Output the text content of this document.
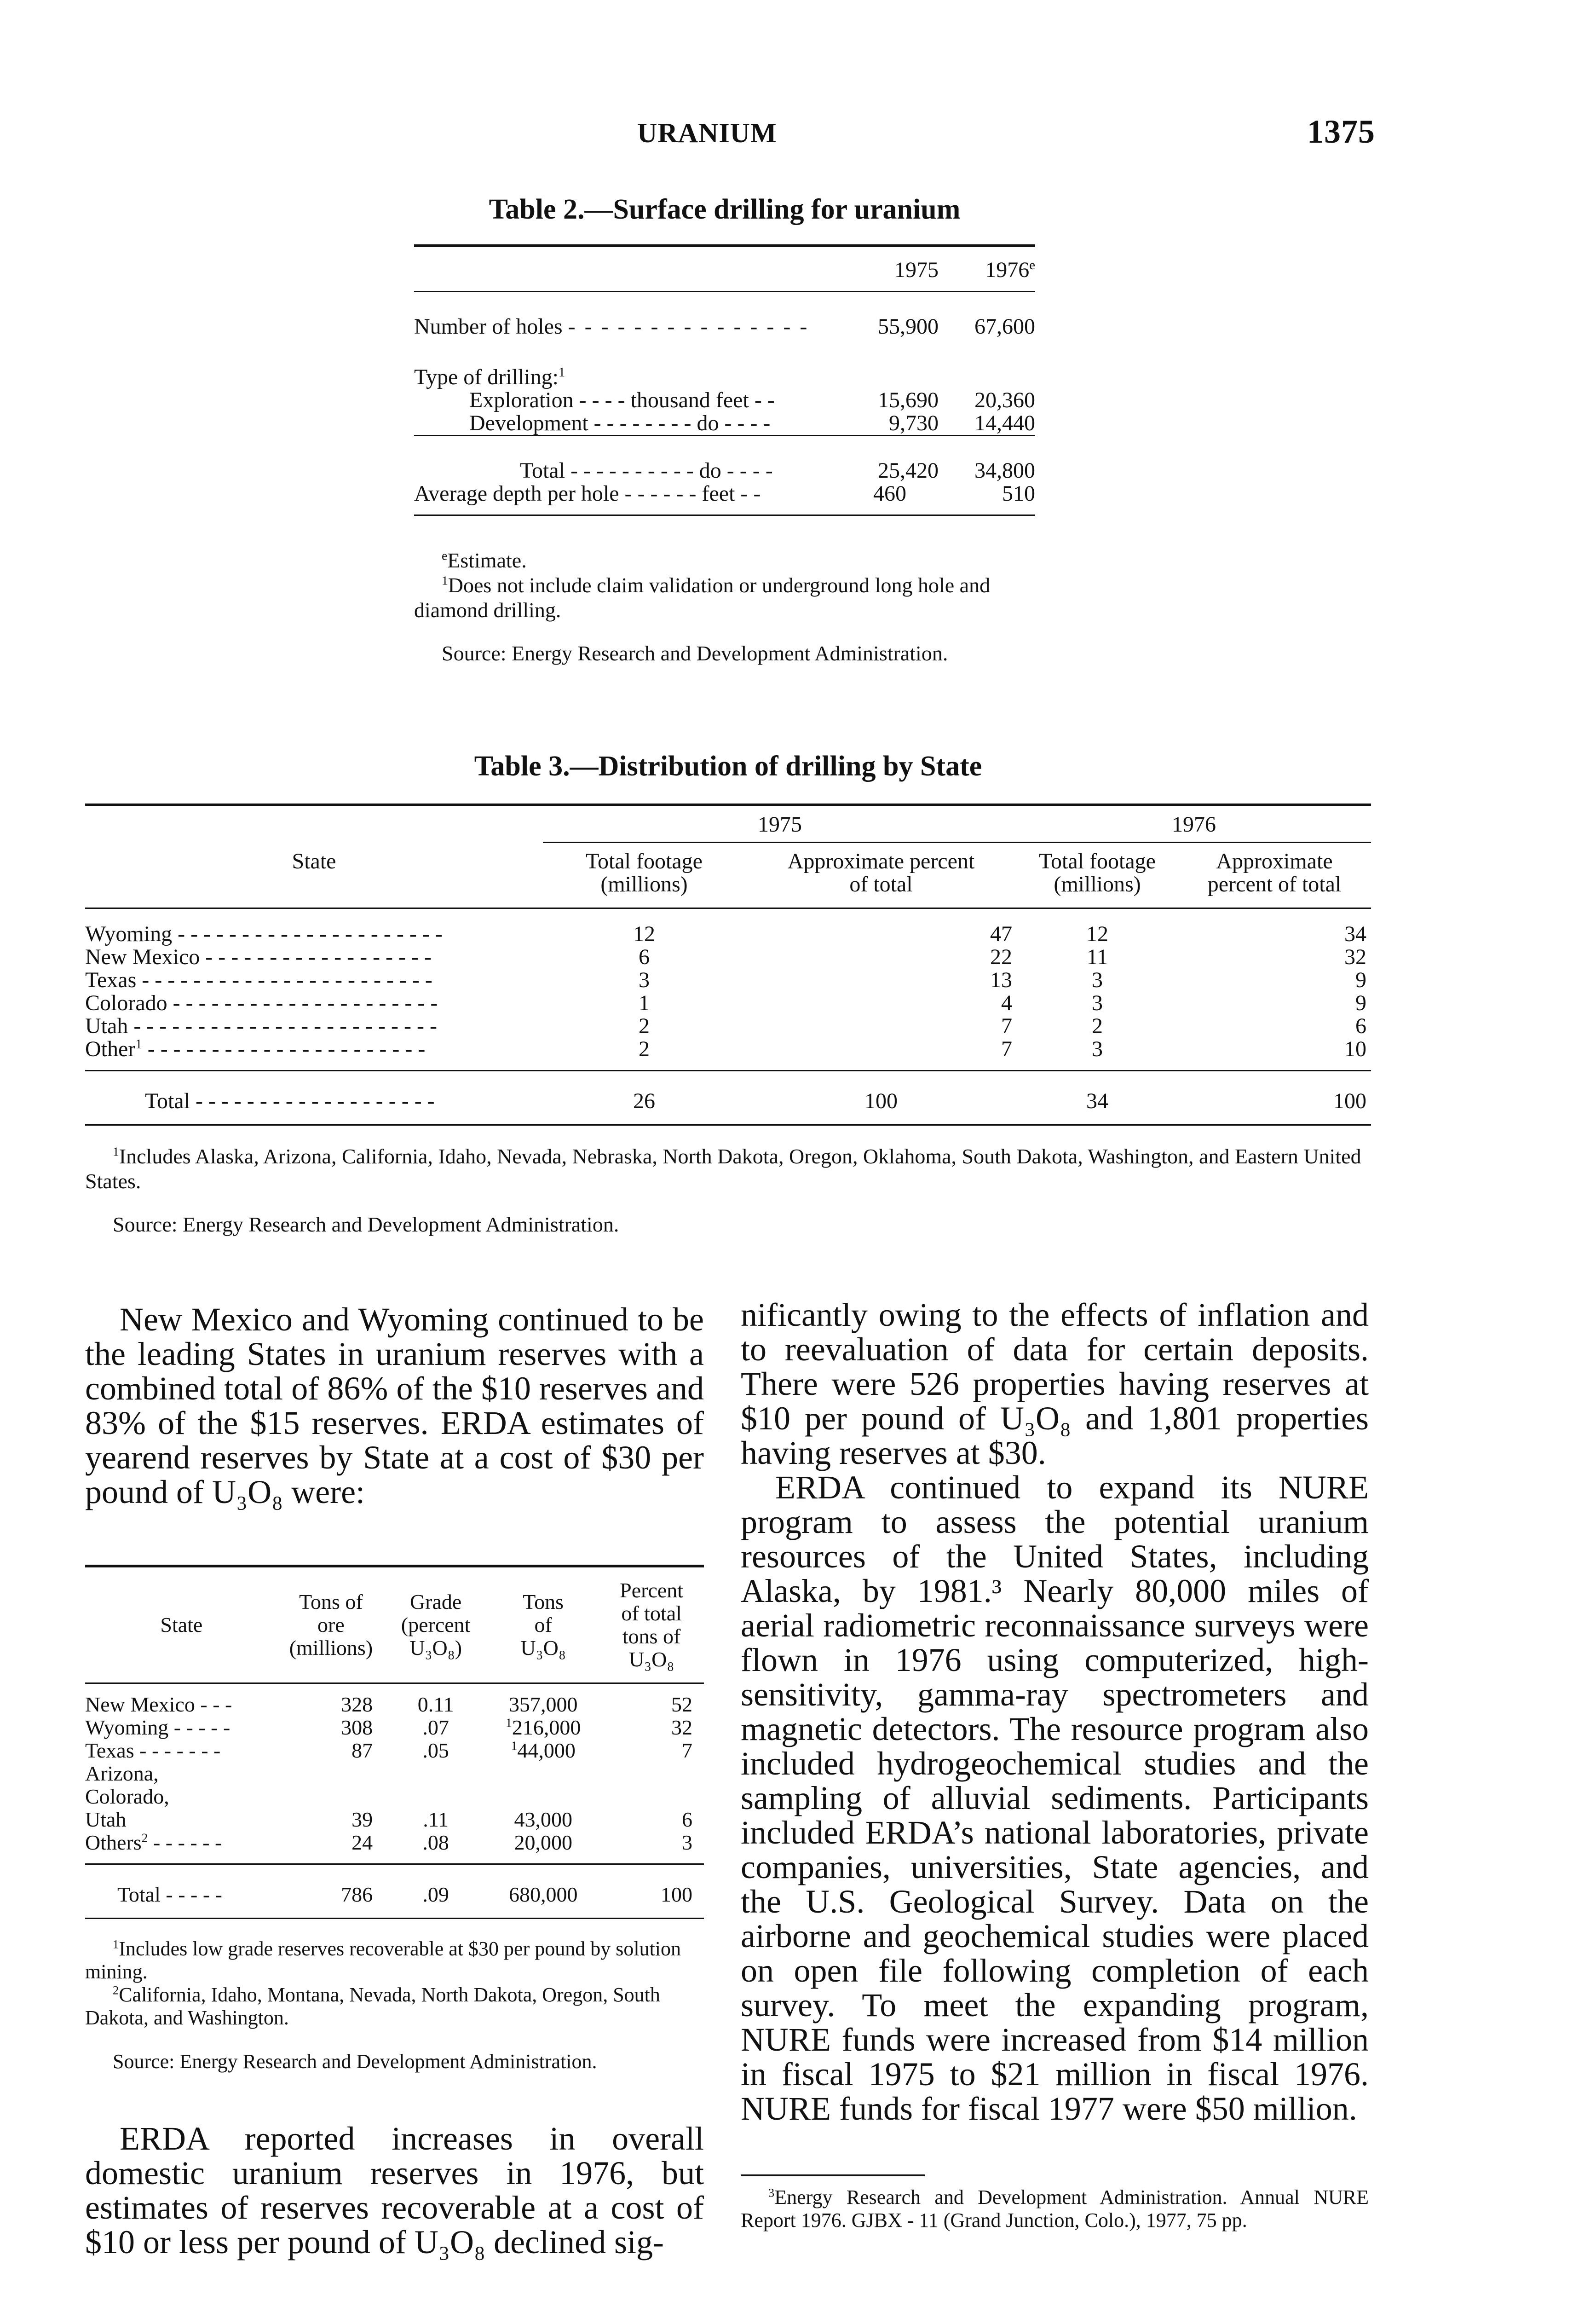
URANIUM	1375
Table 2.—Surface drilling for uranium
	1975	1976e
Number of holes - - - - - - - - - - - - - - -	55,900	67,600
Type of drilling:$^1$		
Exploration - - - - thousand feet - -	15,690	20,360
Development - - - - - - - - do - - - -	9,730	14,440
Total - - - - - - - - - - do - - - -	25,420	34,800
Average depth per hole - - - - - - feet - -	460	510

$^e$Estimate.

$^1$Does not include claim validation or underground long hole and diamond drilling.

Source: Energy Research and Development Administration.

Table 3.—Distribution of drilling by State
State	1975		1976	
	Total footage (millions)	Approximate percent of total	Total footage (millions)	Approximate percent of total
Wyoming - - - - - - - - - - - - - - - - - - - - -	12	47	12	34
New Mexico - - - - - - - - - - - - - - - - - -	6	22	11	32
Texas - - - - - - - - - - - - - - - - - - - - - - -	3	13	3	9
Colorado - - - - - - - - - - - - - - - - - - - - -	1	4	3	9
Utah - - - - - - - - - - - - - - - - - - - - - - - -	2	7	2	6
Other$^1$ - - - - - - - - - - - - - - - - - - - - - -	2	7	3	10
Total - - - - - - - - - - - - - - - - - - -	26	100	34	100

$^1$Includes Alaska, Arizona, California, Idaho, Nevada, Nebraska, North Dakota, Oregon, Oklahoma, South Dakota, Washington, and Eastern United States.

Source: Energy Research and Development Administration.

New Mexico and Wyoming continued to be the leading States in uranium reserves with a combined total of 86% of the $10 reserves and 83% of the $15 reserves. ERDA estimates of yearend reserves by State at a cost of $30 per pound of U₃O₈ were:

State	Tons of ore (millions)	Grade (percent U₃O₈)	Tons of U₃O₈	Percent of total tons of U₃O₈
New Mexico - - -	328	0.11	357,000	52
Wyoming - - - - -	308	.07	$^1$216,000	32
Texas - - - - - - -	87	.05	$^1$44,000	7
Arizona, Colorado, Utah	39	.11	43,000	6
Others$^2$ - - - - - -	24	.08	20,000	3
Total - - - - -	786	.09	680,000	100

$^1$Includes low grade reserves recoverable at $30 per pound by solution mining.

$^2$California, Idaho, Montana, Nevada, North Dakota, Oregon, South Dakota, and Washington.

Source: Energy Research and Development Administration.

ERDA reported increases in overall domestic uranium reserves in 1976, but estimates of reserves recoverable at a cost of $10 or less per pound of U₃O₈ declined sig-

nificantly owing to the effects of inflation and to reevaluation of data for certain deposits. There were 526 properties having reserves at $10 per pound of U₃O₈ and 1,801 properties having reserves at $30.

ERDA continued to expand its NURE program to assess the potential uranium resources of the United States, including Alaska, by 1981.³ Nearly 80,000 miles of aerial radiometric reconnaissance surveys were flown in 1976 using computerized, high-sensitivity, gamma-ray spectrometers and magnetic detectors. The resource program also included hydrogeochemical studies and the sampling of alluvial sediments. Participants included ERDA’s national laboratories, private companies, universities, State agencies, and the U.S. Geological Survey. Data on the airborne and geochemical studies were placed on open file following completion of each survey. To meet the expanding program, NURE funds were increased from $14 million in fiscal 1975 to $21 million in fiscal 1976. NURE funds for fiscal 1977 were $50 million.

$^3$Energy Research and Development Administration. Annual NURE Report 1976. GJBX - 11 (Grand Junction, Colo.), 1977, 75 pp.
